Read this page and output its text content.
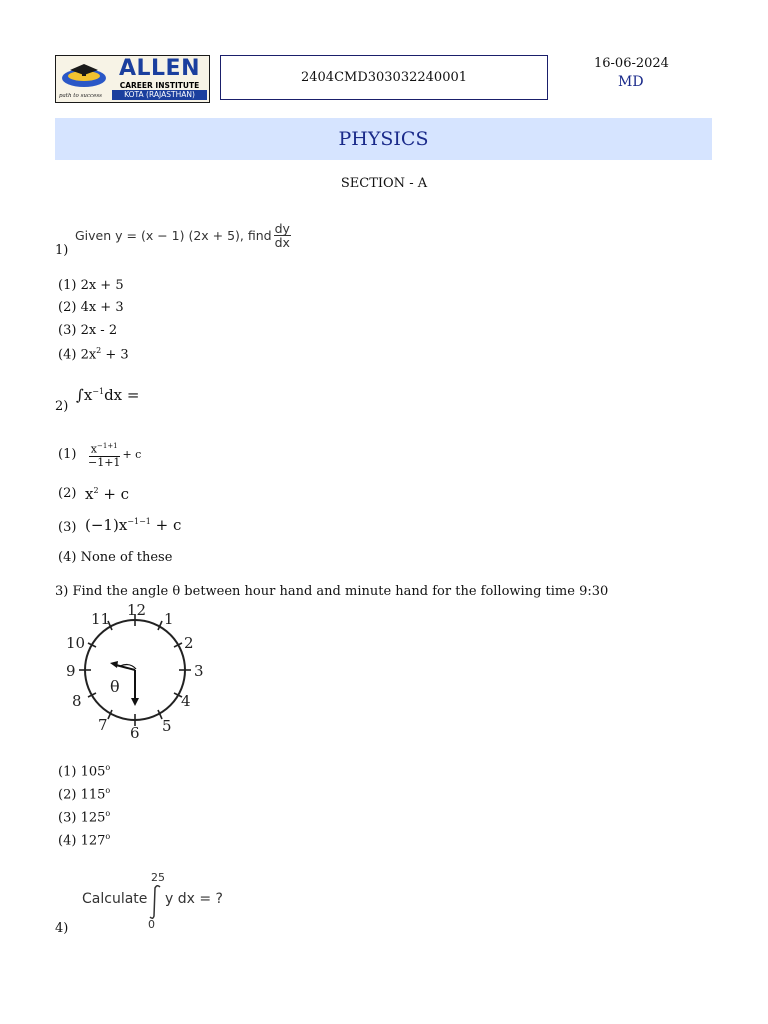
path to success
ALLEN
CAREER INSTITUTE
KOTA (RAJASTHAN)
2404CMD303032240001
16-06-2024
MD
PHYSICS
SECTION - A
1)
Given y = (x − 1) (2x + 5), find $\frac{dy}{dx}$
(1) 2x + 5
(2) 4x + 3
(3) 2x - 2
(4) $2x^2 + 3$
2)
$\int x^{-1}dx$ =
$(1) \frac{x^{-1+1}}{-1+1} + c$
(2) $x^2 + c$
(3) $(-1)x^{-1-1} + c$
(4) None of these
3) Find the angle θ between hour hand and minute hand for the following time 9:30
12 1
2
3
4
5
6
7
8
9
10
11
θ
(1) 105$^o$
(2) 115$^o$
(3) 125$^o$
(4) 127$^o$
4)
Calculate
25
0
y dx = ?
